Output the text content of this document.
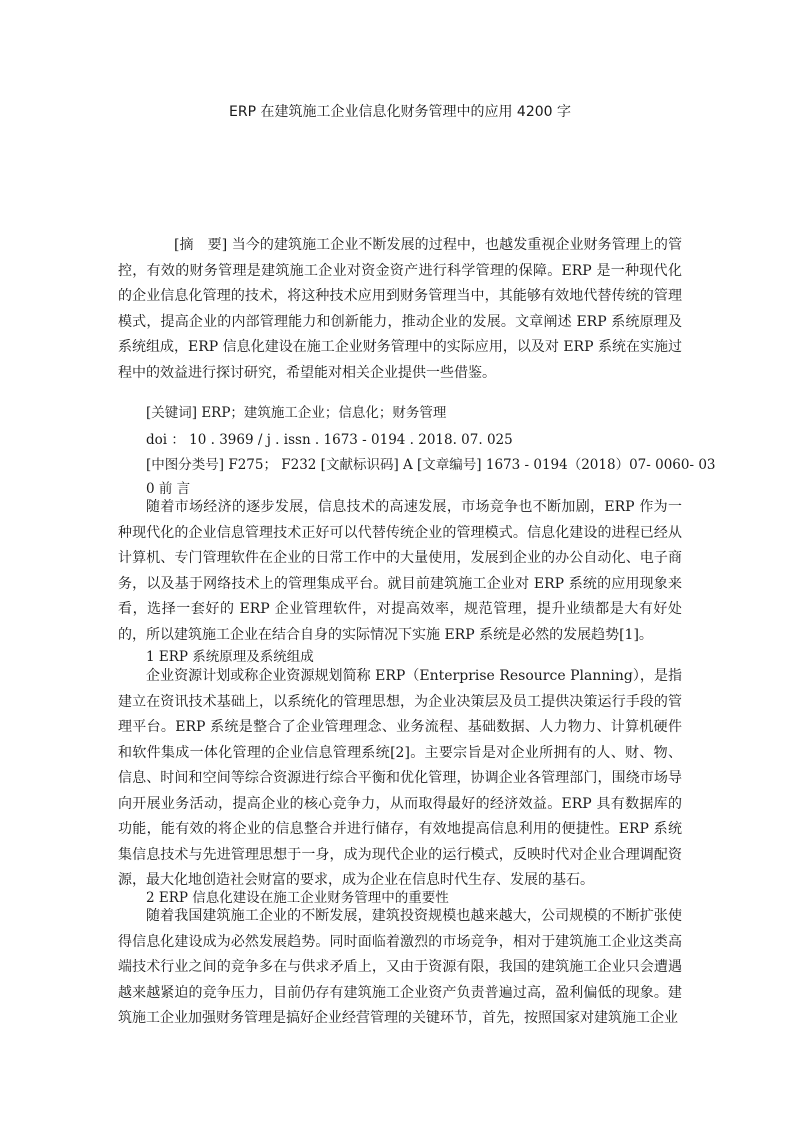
ERP 在建筑施工企业信息化财务管理中的应用 4200 字

[摘　要] 当今的建筑施工企业不断发展的过程中，也越发重视企业财务管理上的管控，有效的财务管理是建筑施工企业对资金资产进行科学管理的保障。ERP 是一种现代化的企业信息化管理的技术，将这种技术应用到财务管理当中，其能够有效地代替传统的管理模式，提高企业的内部管理能力和创新能力，推动企业的发展。文章阐述 ERP 系统原理及系统组成，ERP 信息化建设在施工企业财务管理中的实际应用，以及对 ERP 系统在实施过程中的效益进行探讨研究，希望能对相关企业提供一些借鉴。

[关键词] ERP；建筑施工企业；信息化；财务管理
doi ： 10 . 3969 / j . issn . 1673 - 0194 . 2018. 07. 025
[中图分类号] F275； F232 [文献标识码] A [文章编号] 1673 - 0194（2018）07- 0060- 03
0 前 言

随着市场经济的逐步发展，信息技术的高速发展，市场竞争也不断加剧，ERP 作为一种现代化的企业信息管理技术正好可以代替传统企业的管理模式。信息化建设的进程已经从计算机、专门管理软件在企业的日常工作中的大量使用，发展到企业的办公自动化、电子商务，以及基于网络技术上的管理集成平台。就目前建筑施工企业对 ERP 系统的应用现象来看，选择一套好的 ERP 企业管理软件，对提高效率，规范管理，提升业绩都是大有好处的，所以建筑施工企业在结合自身的实际情况下实施 ERP 系统是必然的发展趋势[1]。

1 ERP 系统原理及系统组成

企业资源计划或称企业资源规划简称 ERP（Enterprise Resource Planning），是指建立在资讯技术基础上，以系统化的管理思想，为企业决策层及员工提供决策运行手段的管理平台。ERP 系统是整合了企业管理理念、业务流程、基础数据、人力物力、计算机硬件和软件集成一体化管理的企业信息管理系统[2]。主要宗旨是对企业所拥有的人、财、物、信息、时间和空间等综合资源进行综合平衡和优化管理，协调企业各管理部门，围绕市场导向开展业务活动，提高企业的核心竞争力，从而取得最好的经济效益。ERP 具有数据库的功能，能有效的将企业的信息整合并进行储存，有效地提高信息利用的便捷性。ERP 系统集信息技术与先进管理思想于一身，成为现代企业的运行模式，反映时代对企业合理调配资源，最大化地创造社会财富的要求，成为企业在信息时代生存、发展的基石。

2 ERP 信息化建设在施工企业财务管理中的重要性

随着我国建筑施工企业的不断发展，建筑投资规模也越来越大，公司规模的不断扩张使得信息化建设成为必然发展趋势。同时面临着激烈的市场竞争，相对于建筑施工企业这类高端技术行业之间的竞争多在与供求矛盾上，又由于资源有限，我国的建筑施工企业只会遭遇越来越紧迫的竞争压力，目前仍存有建筑施工企业资产负责普遍过高，盈利偏低的现象。建筑施工企业加强财务管理是搞好企业经营管理的关键环节，首先，按照国家对建筑施工企业
